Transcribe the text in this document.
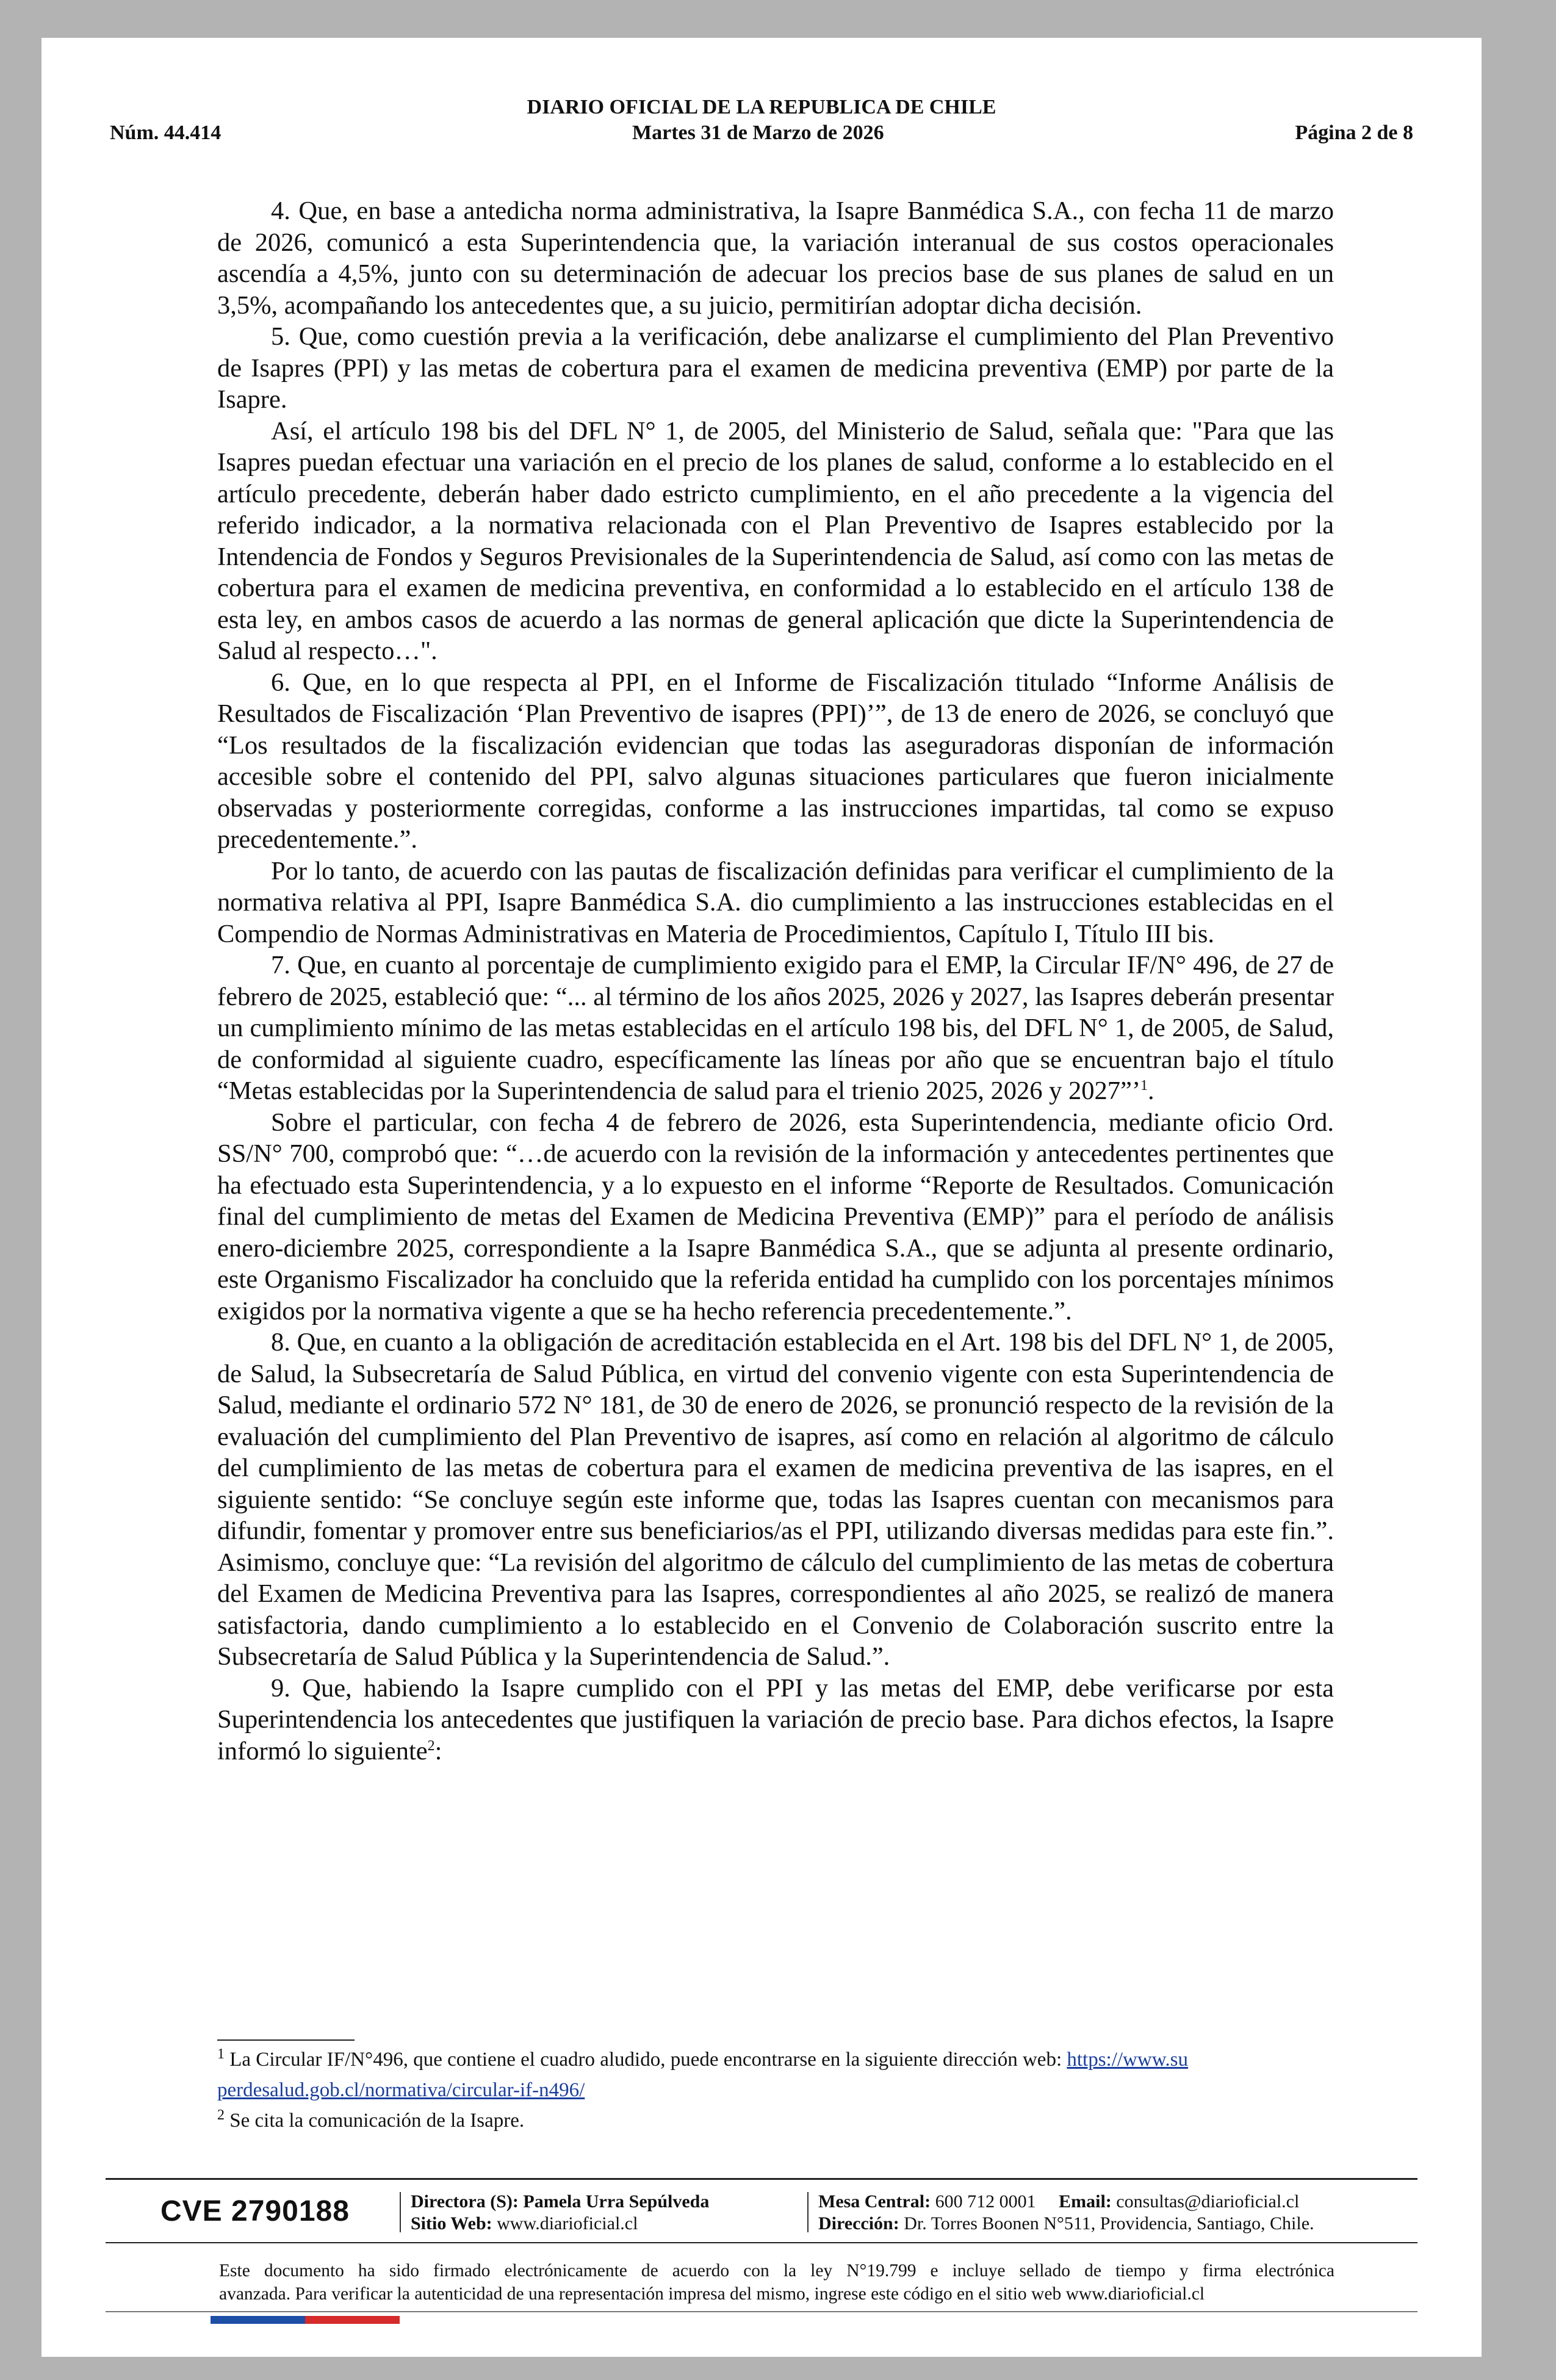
DIARIO OFICIAL DE LA REPUBLICA DE CHILE
Núm. 44.414	Martes 31 de Marzo de 2026	Página 2 de 8

4. Que, en base a antedicha norma administrativa, la Isapre Banmédica S.A., con fecha 11 de marzo de 2026, comunicó a esta Superintendencia que, la variación interanual de sus costos operacionales ascendía a 4,5%, junto con su determinación de adecuar los precios base de sus planes de salud en un 3,5%, acompañando los antecedentes que, a su juicio, permitirían adoptar dicha decisión.

5. Que, como cuestión previa a la verificación, debe analizarse el cumplimiento del Plan Preventivo de Isapres (PPI) y las metas de cobertura para el examen de medicina preventiva (EMP) por parte de la Isapre.

Así, el artículo 198 bis del DFL N° 1, de 2005, del Ministerio de Salud, señala que: "Para que las Isapres puedan efectuar una variación en el precio de los planes de salud, conforme a lo establecido en el artículo precedente, deberán haber dado estricto cumplimiento, en el año precedente a la vigencia del referido indicador, a la normativa relacionada con el Plan Preventivo de Isapres establecido por la Intendencia de Fondos y Seguros Previsionales de la Superintendencia de Salud, así como con las metas de cobertura para el examen de medicina preventiva, en conformidad a lo establecido en el artículo 138 de esta ley, en ambos casos de acuerdo a las normas de general aplicación que dicte la Superintendencia de Salud al respecto…".

6. Que, en lo que respecta al PPI, en el Informe de Fiscalización titulado “Informe Análisis de Resultados de Fiscalización ‘Plan Preventivo de isapres (PPI)’”, de 13 de enero de 2026, se concluyó que “Los resultados de la fiscalización evidencian que todas las aseguradoras disponían de información accesible sobre el contenido del PPI, salvo algunas situaciones particulares que fueron inicialmente observadas y posteriormente corregidas, conforme a las instrucciones impartidas, tal como se expuso precedentemente.”.

Por lo tanto, de acuerdo con las pautas de fiscalización definidas para verificar el cumplimiento de la normativa relativa al PPI, Isapre Banmédica S.A. dio cumplimiento a las instrucciones establecidas en el Compendio de Normas Administrativas en Materia de Procedimientos, Capítulo I, Título III bis.

7. Que, en cuanto al porcentaje de cumplimiento exigido para el EMP, la Circular IF/N° 496, de 27 de febrero de 2025, estableció que: “... al término de los años 2025, 2026 y 2027, las Isapres deberán presentar un cumplimiento mínimo de las metas establecidas en el artículo 198 bis, del DFL N° 1, de 2005, de Salud, de conformidad al siguiente cuadro, específicamente las líneas por año que se encuentran bajo el título “Metas establecidas por la Superintendencia de salud para el trienio 2025, 2026 y 2027”’$^1$.

Sobre el particular, con fecha 4 de febrero de 2026, esta Superintendencia, mediante oficio Ord. SS/N° 700, comprobó que: “…de acuerdo con la revisión de la información y antecedentes pertinentes que ha efectuado esta Superintendencia, y a lo expuesto en el informe “Reporte de Resultados. Comunicación final del cumplimiento de metas del Examen de Medicina Preventiva (EMP)” para el período de análisis enero-diciembre 2025, correspondiente a la Isapre Banmédica S.A., que se adjunta al presente ordinario, este Organismo Fiscalizador ha concluido que la referida entidad ha cumplido con los porcentajes mínimos exigidos por la normativa vigente a que se ha hecho referencia precedentemente.”.

8. Que, en cuanto a la obligación de acreditación establecida en el Art. 198 bis del DFL N° 1, de 2005, de Salud, la Subsecretaría de Salud Pública, en virtud del convenio vigente con esta Superintendencia de Salud, mediante el ordinario 572 N° 181, de 30 de enero de 2026, se pronunció respecto de la revisión de la evaluación del cumplimiento del Plan Preventivo de isapres, así como en relación al algoritmo de cálculo del cumplimiento de las metas de cobertura para el examen de medicina preventiva de las isapres, en el siguiente sentido: “Se concluye según este informe que, todas las Isapres cuentan con mecanismos para difundir, fomentar y promover entre sus beneficiarios/as el PPI, utilizando diversas medidas para este fin.”. Asimismo, concluye que: “La revisión del algoritmo de cálculo del cumplimiento de las metas de cobertura del Examen de Medicina Preventiva para las Isapres, correspondientes al año 2025, se realizó de manera satisfactoria, dando cumplimiento a lo establecido en el Convenio de Colaboración suscrito entre la Subsecretaría de Salud Pública y la Superintendencia de Salud.”.

9. Que, habiendo la Isapre cumplido con el PPI y las metas del EMP, debe verificarse por esta Superintendencia los antecedentes que justifiquen la variación de precio base. Para dichos efectos, la Isapre informó lo siguiente$^2$:

$^1$ La Circular IF/N°496, que contiene el cuadro aludido, puede encontrarse en la siguiente dirección web: https://www.su
perdesalud.gob.cl/normativa/circular-if-n496/

$^2$ Se cita la comunicación de la Isapre.

CVE 2790188	Directora (S): Pamela Urra Sepúlveda
Sitio Web: www.diarioficial.cl
Mesa Central: 600 712 0001 Email: consultas@diarioficial.cl
Dirección: Dr. Torres Boonen N°511, Providencia, Santiago, Chile.
Este documento ha sido firmado electrónicamente de acuerdo con la ley N°19.799 e incluye sellado de tiempo y firma electrónica
avanzada. Para verificar la autenticidad de una representación impresa del mismo, ingrese este código en el sitio web www.diarioficial.cl
